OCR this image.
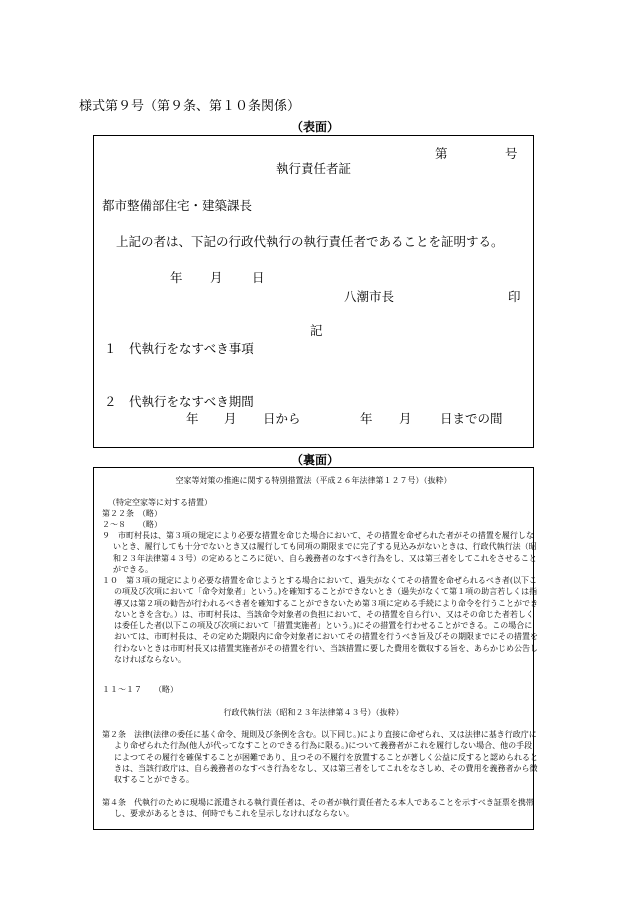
様式第９号（第９条、第１０条関係）
（表面）
第	号
執行責任者証
都市整備部住宅・建築課長
上記の者は、下記の行政代執行の執行責任者であることを証明する。
年 月 日
八潮市長	印
記
１　代執行をなすべき事項
２　代執行をなすべき期間
年 月 日から	年 月 日までの間
（裏面）
空家等対策の推進に関する特別措置法（平成２６年法律第１２７号）（抜粋）
（特定空家等に対する措置）
第２２条　（略）
２～８　　（略）
９　市町村長は、第３項の規定により必要な措置を命じた場合において、その措置を命ぜられた者がその措置を履行しないとき、履行しても十分でないとき又は履行しても同項の期限までに完了する見込みがないときは、行政代執行法（昭和２３年法律第４３号）の定めるところに従い、自ら義務者のなすべき行為をし、又は第三者をしてこれをさせることができる。
１０　第３項の規定により必要な措置を命じようとする場合において、過失がなくてその措置を命ぜられるべき者(以下この項及び次項において「命令対象者」という。)を確知することができないとき（過失がなくて第１項の助言若しくは指導又は第２項の勧告が行われるべき者を確知することができないため第３項に定める手続により命令を行うことができないときを含む。）は、市町村長は、当該命令対象者の負担において、その措置を自ら行い、又はその命じた者若しくは委任した者(以下この項及び次項において「措置実施者」という。)にその措置を行わせることができる。この場合においては、市町村長は、その定めた期限内に命令対象者においてその措置を行うべき旨及びその期限までにその措置を行わないときは市町村長又は措置実施者がその措置を行い、当該措置に要した費用を徴収する旨を、あらかじめ公告しなければならない。
１１～１７　　（略）
行政代執行法（昭和２３年法律第４３号）（抜粋）
第２条　法律(法律の委任に基く命令、規則及び条例を含む。以下同じ。)により直接に命ぜられ、又は法律に基き行政庁により命ぜられた行為(他人が代ってなすことのできる行為に限る。)について義務者がこれを履行しない場合、他の手段によつてその履行を確保することが困難であり、且つその不履行を放置することが著しく公益に反すると認められるときは、当該行政庁は、自ら義務者のなすべき行為をなし、又は第三者をしてこれをなさしめ、その費用を義務者から徴収することができる。
第４条　代執行のために現場に派遣される執行責任者は、その者が執行責任者たる本人であることを示すべき証票を携帯し、要求があるときは、何時でもこれを呈示しなければならない。
